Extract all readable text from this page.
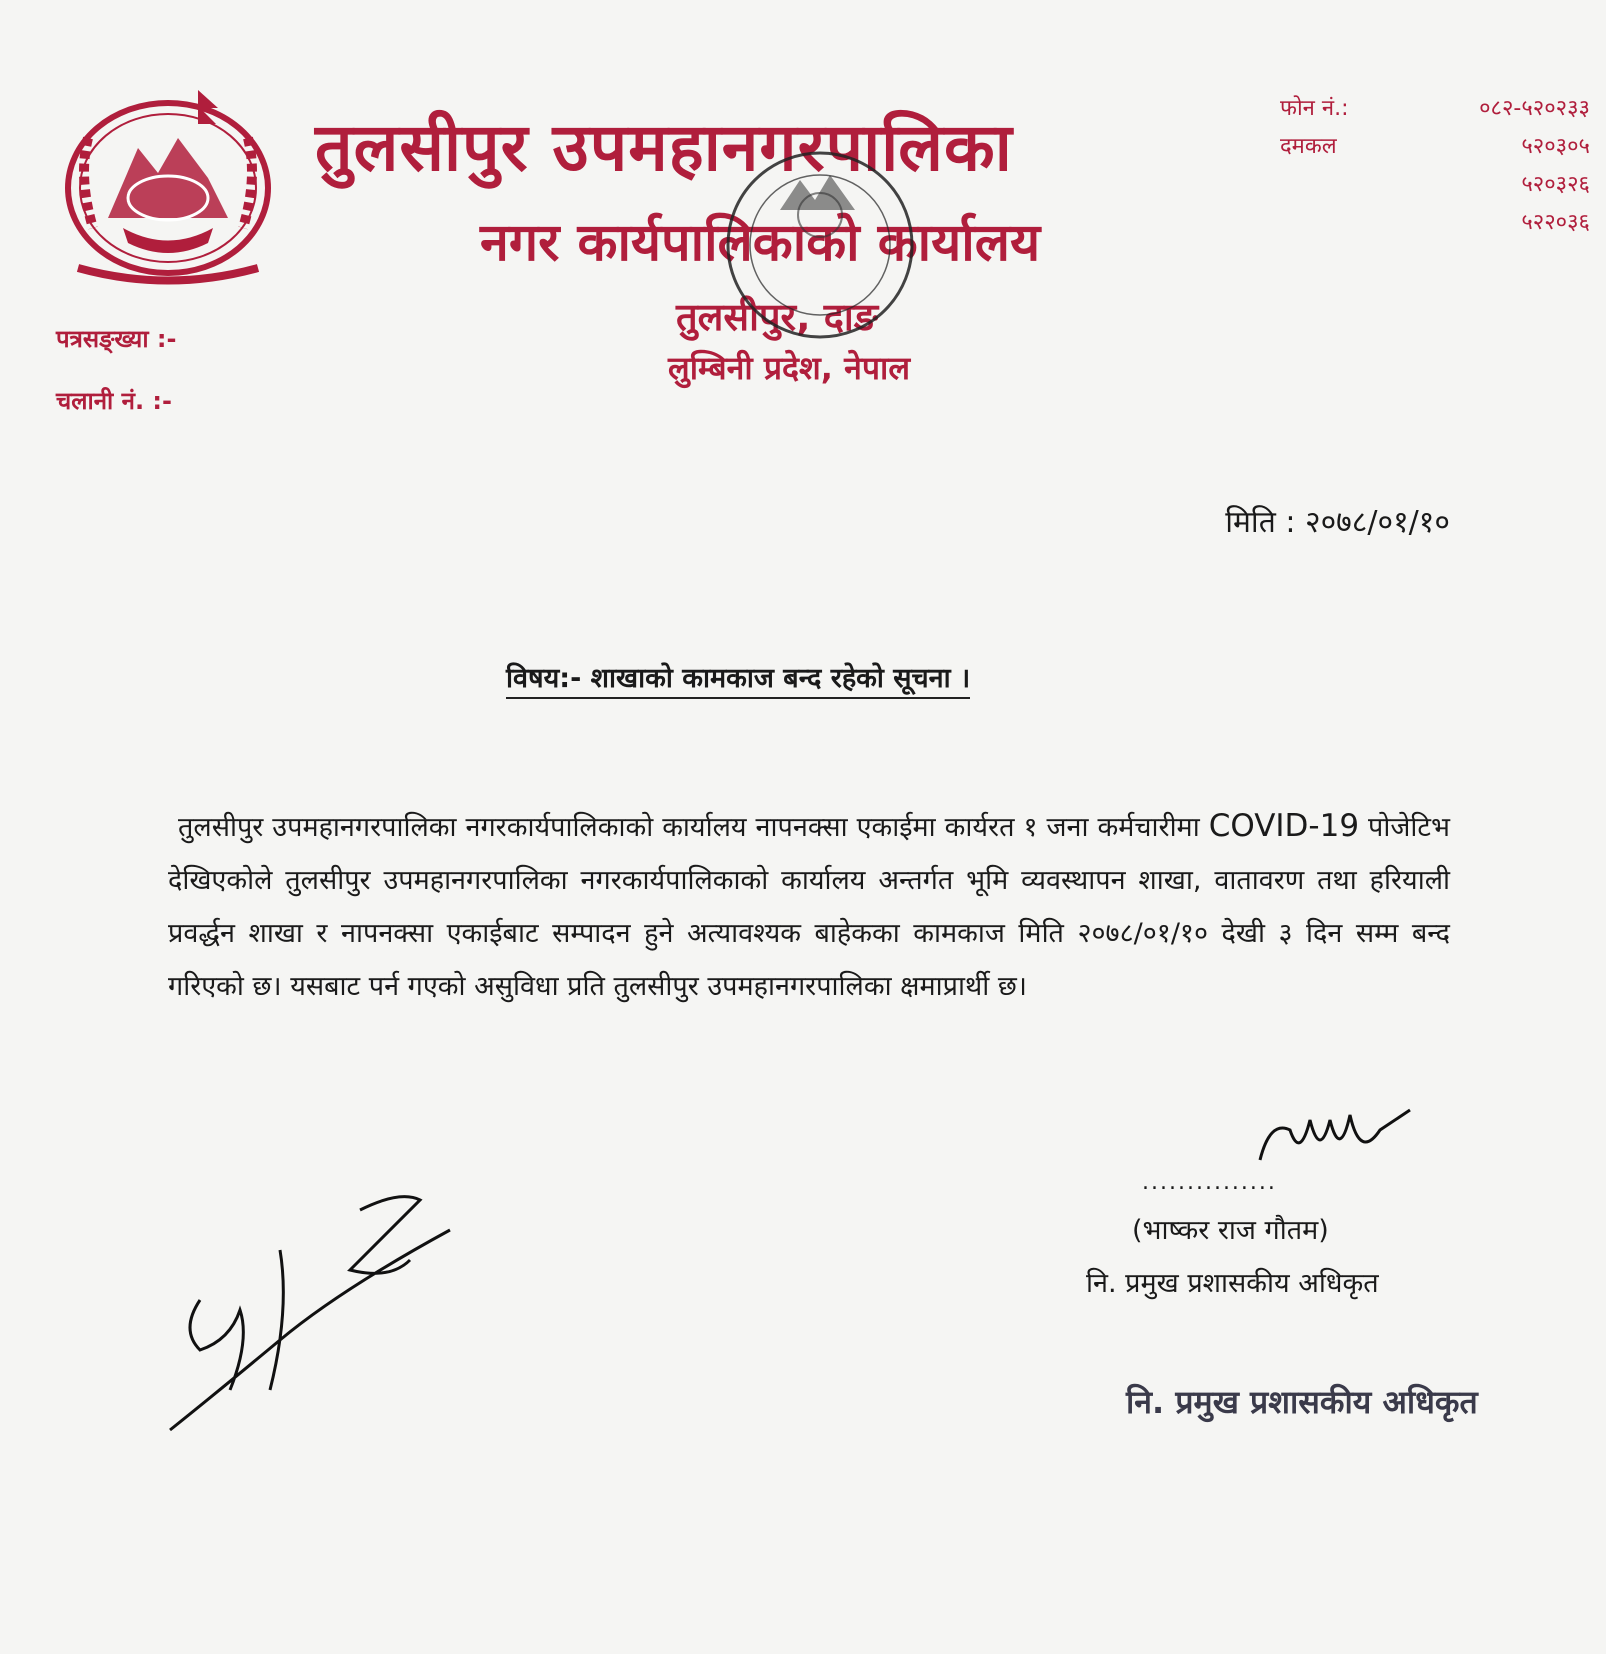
तुलसीपुर उपमहानगरपालिका
नगर कार्यपालिकाको कार्यालय
तुलसीपुर, दाङ
लुम्बिनी प्रदेश, नेपाल
फोन नं.:	०८२-५२०२३३
दमकल	५२०३०५
५२०३२६
५२२०३६
पत्रसङ्ख्या :-
चलानी नं. :-
मिति : २०७८/०१/१०
विषय:- शाखाको कामकाज बन्द रहेको सूचना ।
तुलसीपुर उपमहानगरपालिका नगरकार्यपालिकाको कार्यालय नापनक्सा एकाईमा कार्यरत १ जना कर्मचारीमा COVID-19 पोजेटिभ देखिएकोले तुलसीपुर उपमहानगरपालिका नगरकार्यपालिकाको कार्यालय अन्तर्गत भूमि व्यवस्थापन शाखा, वातावरण तथा हरियाली प्रवर्द्धन शाखा र नापनक्सा एकाईबाट सम्पादन हुने अत्यावश्यक बाहेकका कामकाज मिति २०७८/०१/१० देखी ३ दिन सम्म बन्द गरिएको छ। यसबाट पर्न गएको असुविधा प्रति तुलसीपुर उपमहानगरपालिका क्षमाप्रार्थी छ।
...............
(भाष्कर राज गौतम)
नि. प्रमुख प्रशासकीय अधिकृत
नि. प्रमुख प्रशासकीय अधिकृत
